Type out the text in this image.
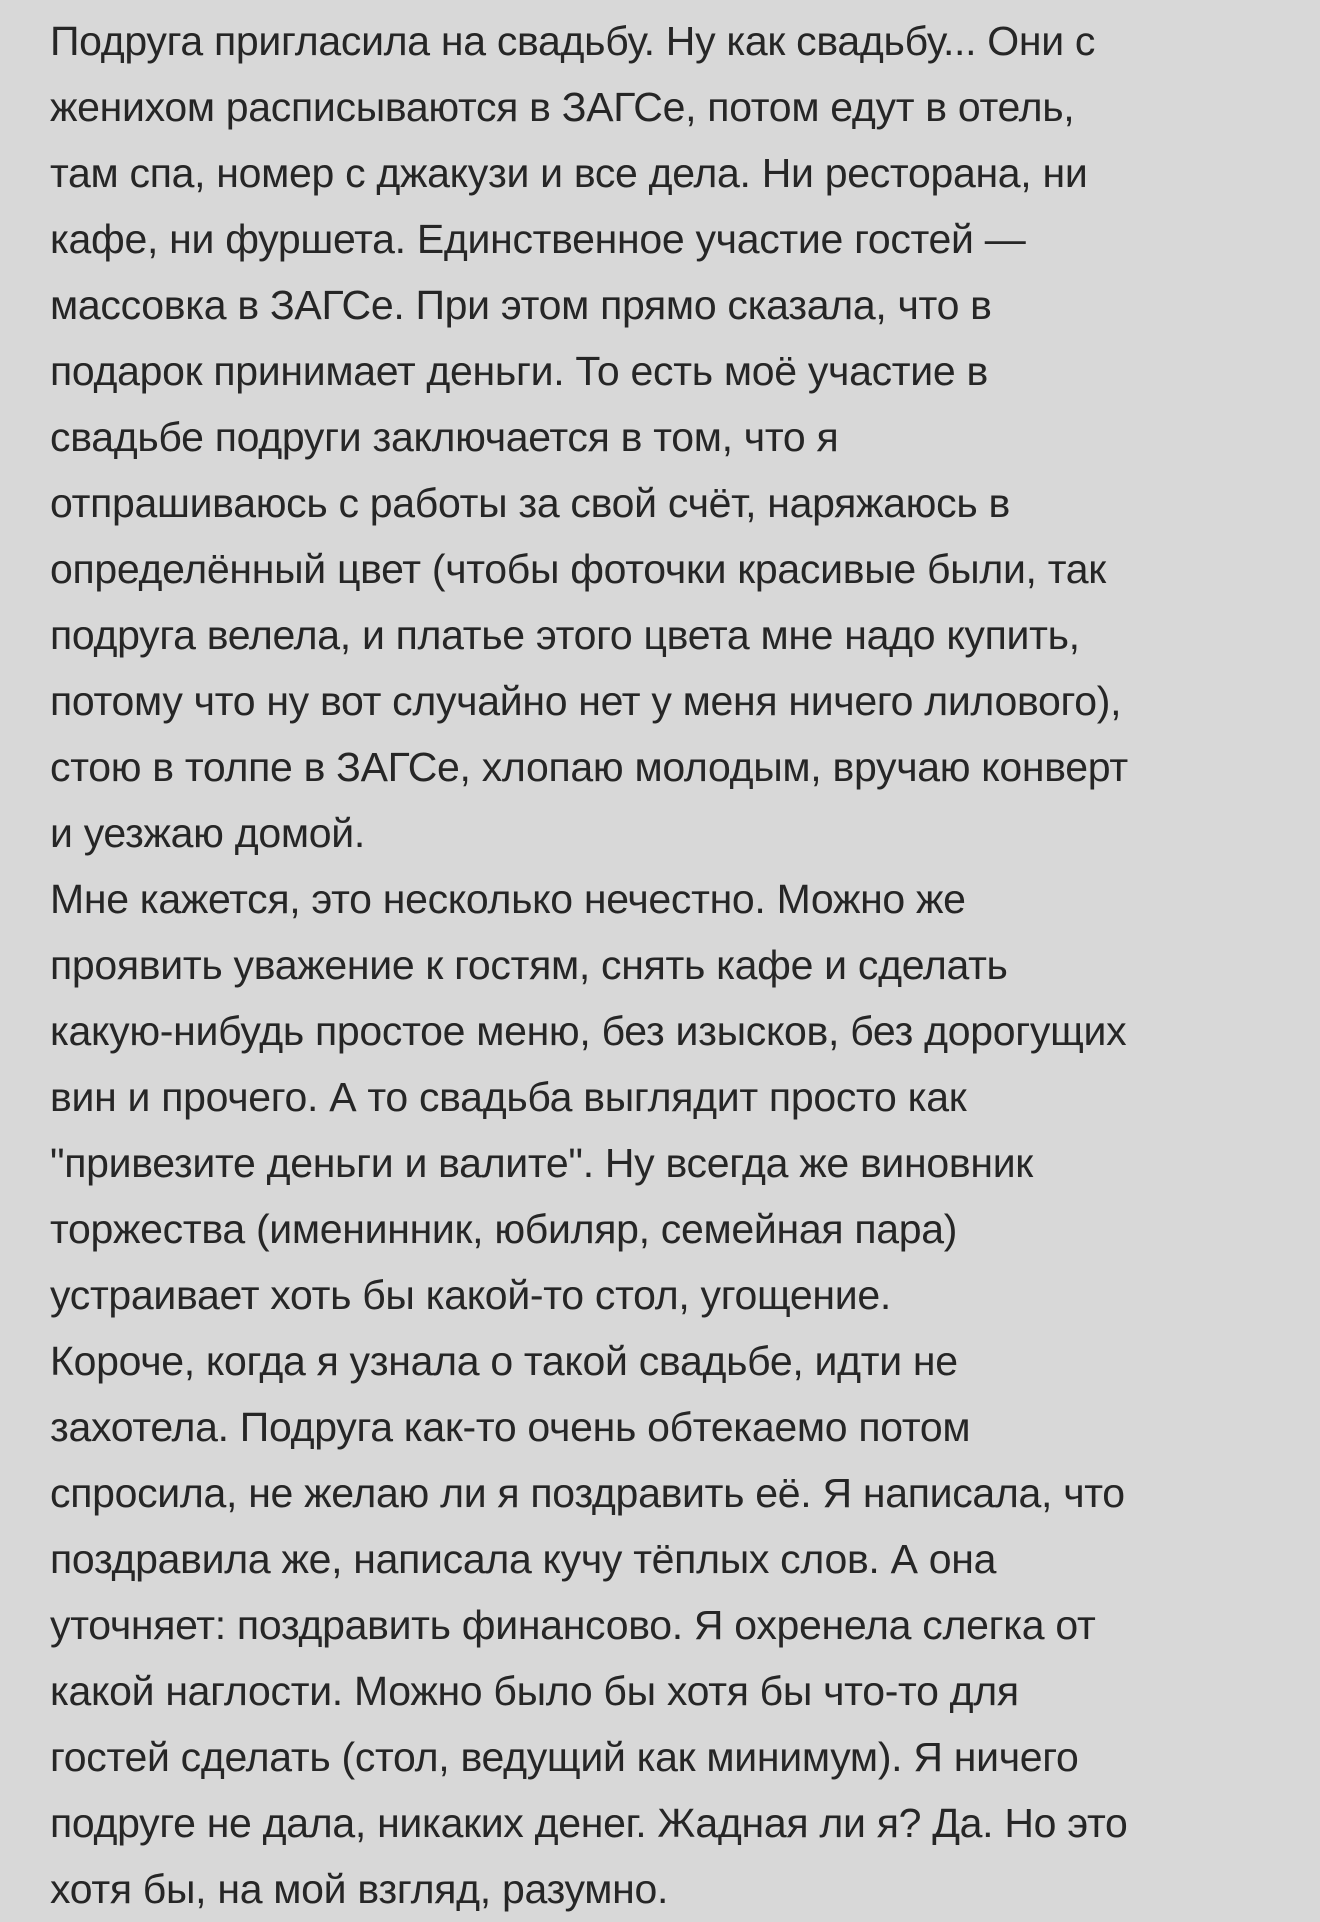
Подруга пригласила на свадьбу. Ну как свадьбу... Они с
женихом расписываются в ЗАГСе, потом едут в отель,
там спа, номер с джакузи и все дела. Ни ресторана, ни
кафе, ни фуршета. Единственное участие гостей —
массовка в ЗАГСе. При этом прямо сказала, что в
подарок принимает деньги. То есть моё участие в
свадьбе подруги заключается в том, что я
отпрашиваюсь с работы за свой счёт, наряжаюсь в
определённый цвет (чтобы фоточки красивые были, так
подруга велела, и платье этого цвета мне надо купить,
потому что ну вот случайно нет у меня ничего лилового),
стою в толпе в ЗАГСе, хлопаю молодым, вручаю конверт
и уезжаю домой.
Мне кажется, это несколько нечестно. Можно же
проявить уважение к гостям, снять кафе и сделать
какую-нибудь простое меню, без изысков, без дорогущих
вин и прочего. А то свадьба выглядит просто как
"привезите деньги и валите". Ну всегда же виновник
торжества (именинник, юбиляр, семейная пара)
устраивает хоть бы какой-то стол, угощение.
Короче, когда я узнала о такой свадьбе, идти не
захотела. Подруга как-то очень обтекаемо потом
спросила, не желаю ли я поздравить её. Я написала, что
поздравила же, написала кучу тёплых слов. А она
уточняет: поздравить финансово. Я охренела слегка от
какой наглости. Можно было бы хотя бы что-то для
гостей сделать (стол, ведущий как минимум). Я ничего
подруге не дала, никаких денег. Жадная ли я? Да. Но это
хотя бы, на мой взгляд, разумно.
